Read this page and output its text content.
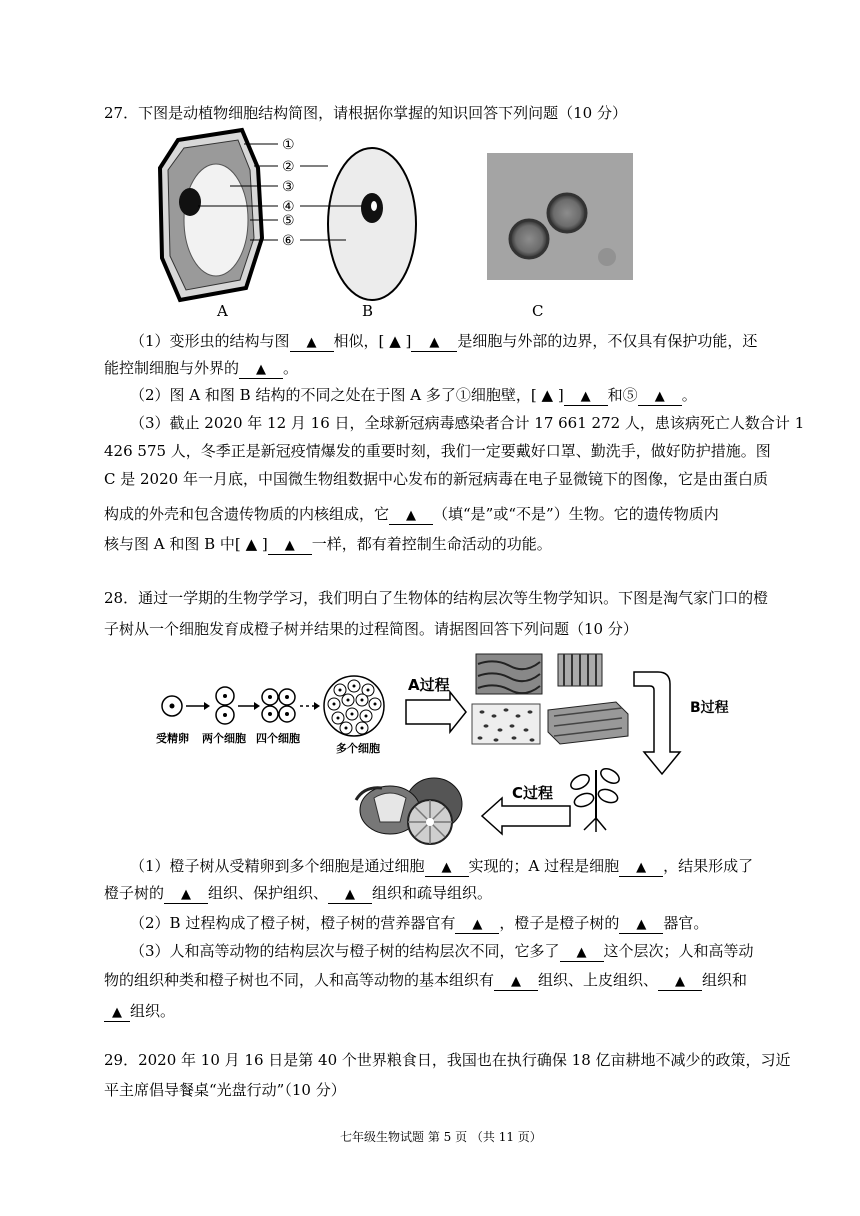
27．下图是动植物细胞结构简图，请根据你掌握的知识回答下列问题（10 分）
①
②
③
④
⑤
⑥
A	B	C
（1）变形虫的结构与图 ▲ 相似，[ ▲ ] ▲ 是细胞与外部的边界，不仅具有保护功能，还
能控制细胞与外界的 ▲ 。
（2）图 A 和图 B 结构的不同之处在于图 A 多了①细胞壁，[ ▲ ] ▲ 和⑤ ▲ 。
（3）截止 2020 年 12 月 16 日，全球新冠病毒感染者合计 17 661 272 人，患该病死亡人数合计 1
426 575 人，冬季正是新冠疫情爆发的重要时刻，我们一定要戴好口罩、勤洗手，做好防护措施。图
C 是 2020 年一月底，中国微生物组数据中心发布的新冠病毒在电子显微镜下的图像，它是由蛋白质
构成的外壳和包含遗传物质的内核组成，它 ▲ （填“是”或“不是”）生物。它的遗传物质内
核与图 A 和图 B 中[ ▲ ] ▲ 一样，都有着控制生命活动的功能。
28．通过一学期的生物学学习，我们明白了生物体的结构层次等生物学知识。下图是淘气家门口的橙
子树从一个细胞发育成橙子树并结果的过程简图。请据图回答下列问题（10 分）
受精卵 两个细胞 四个细胞
多个细胞
A过程
B过程
C过程
（1）橙子树从受精卵到多个细胞是通过细胞 ▲ 实现的；A 过程是细胞 ▲ ，结果形成了
橙子树的 ▲ 组织、保护组织、 ▲ 组织和疏导组织。
（2）B 过程构成了橙子树，橙子树的营养器官有 ▲ ，橙子是橙子树的 ▲ 器官。
（3）人和高等动物的结构层次与橙子树的结构层次不同，它多了 ▲ 这个层次；人和高等动
物的组织种类和橙子树也不同，人和高等动物的基本组织有 ▲ 组织、上皮组织、 ▲ 组织和
▲ 组织。
29．2020 年 10 月 16 日是第 40 个世界粮食日，我国也在执行确保 18 亿亩耕地不减少的政策，习近
平主席倡导餐桌“光盘行动”（10 分）
七年级生物试题 第 5 页 （共 11 页）
